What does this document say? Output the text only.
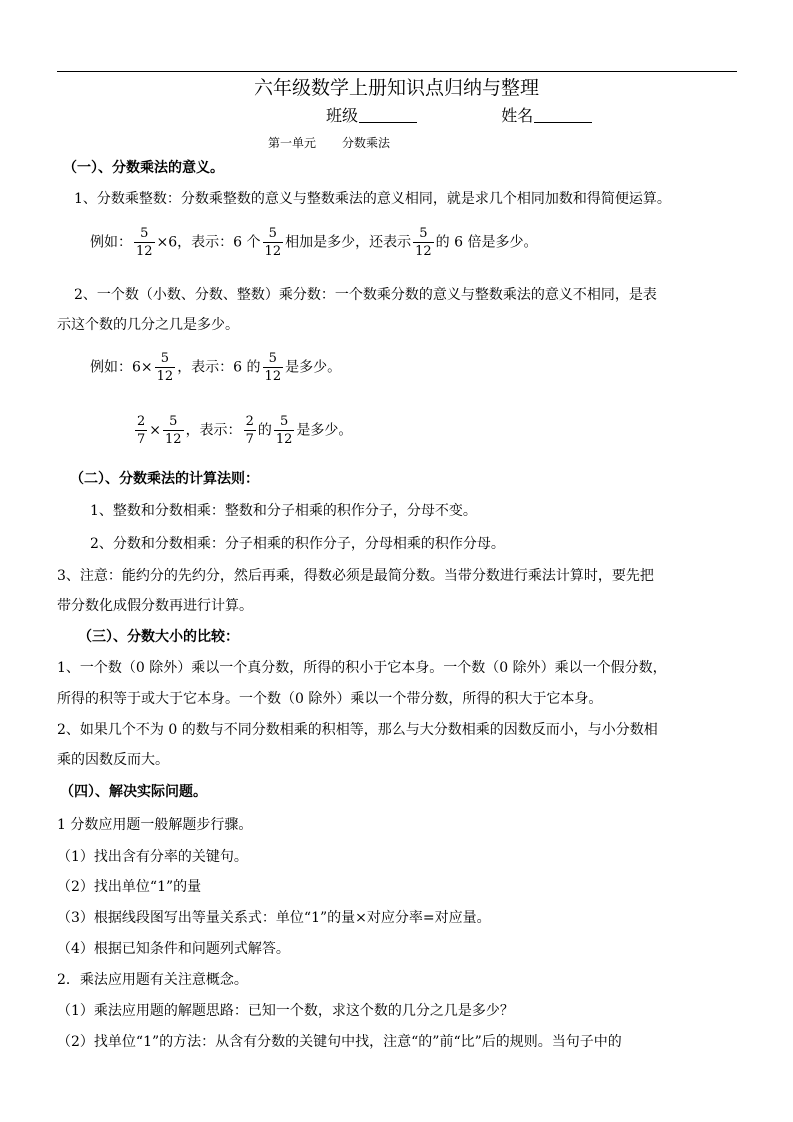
六年级数学上册知识点归纳与整理
班级	姓名
第一单元 分数乘法
（一）、分数乘法的意义。
1、分数乘整数：分数乘整数的意义与整数乘法的意义相同，就是求几个相同加数和得简便运算。
例如： $\frac{5}{12} \times 6$，表示：6 个 $\frac{5}{12}$ 相加是多少，还表示 $\frac{5}{12}$ 的 6 倍是多少。
2、一个数（小数、分数、整数）乘分数：一个数乘分数的意义与整数乘法的意义不相同，是表
示这个数的几分之几是多少。
例如：$6\times \frac{5}{12}$ ，表示：6 的 $\frac{5}{12}$ 是多少。
$\frac{2}{7} \times \frac{5}{12}$ ，表示： $\frac{2}{7}$ 的 $\frac{5}{12}$ 是多少。
（二）、分数乘法的计算法则：
1、整数和分数相乘：整数和分子相乘的积作分子，分母不变。
2、分数和分数相乘：分子相乘的积作分子，分母相乘的积作分母。
3、注意：能约分的先约分，然后再乘，得数必须是最简分数。当带分数进行乘法计算时，要先把
带分数化成假分数再进行计算。
（三）、分数大小的比较：
1、一个数（0 除外）乘以一个真分数，所得的积小于它本身。一个数（0 除外）乘以一个假分数，
所得的积等于或大于它本身。一个数（0 除外）乘以一个带分数，所得的积大于它本身。
2、如果几个不为 0 的数与不同分数相乘的积相等，那么与大分数相乘的因数反而小，与小分数相
乘的因数反而大。
（四）、解决实际问题。
1 分数应用题一般解题步行骤。
（1）找出含有分率的关键句。
（2）找出单位“1”的量
（3）根据线段图写出等量关系式：单位“1”的量×对应分率=对应量。
（4）根据已知条件和问题列式解答。
2．乘法应用题有关注意概念。
（1）乘法应用题的解题思路：已知一个数，求这个数的几分之几是多少？
（2）找单位“1”的方法：从含有分数的关键句中找，注意“的”前“比”后的规则。当句子中的
